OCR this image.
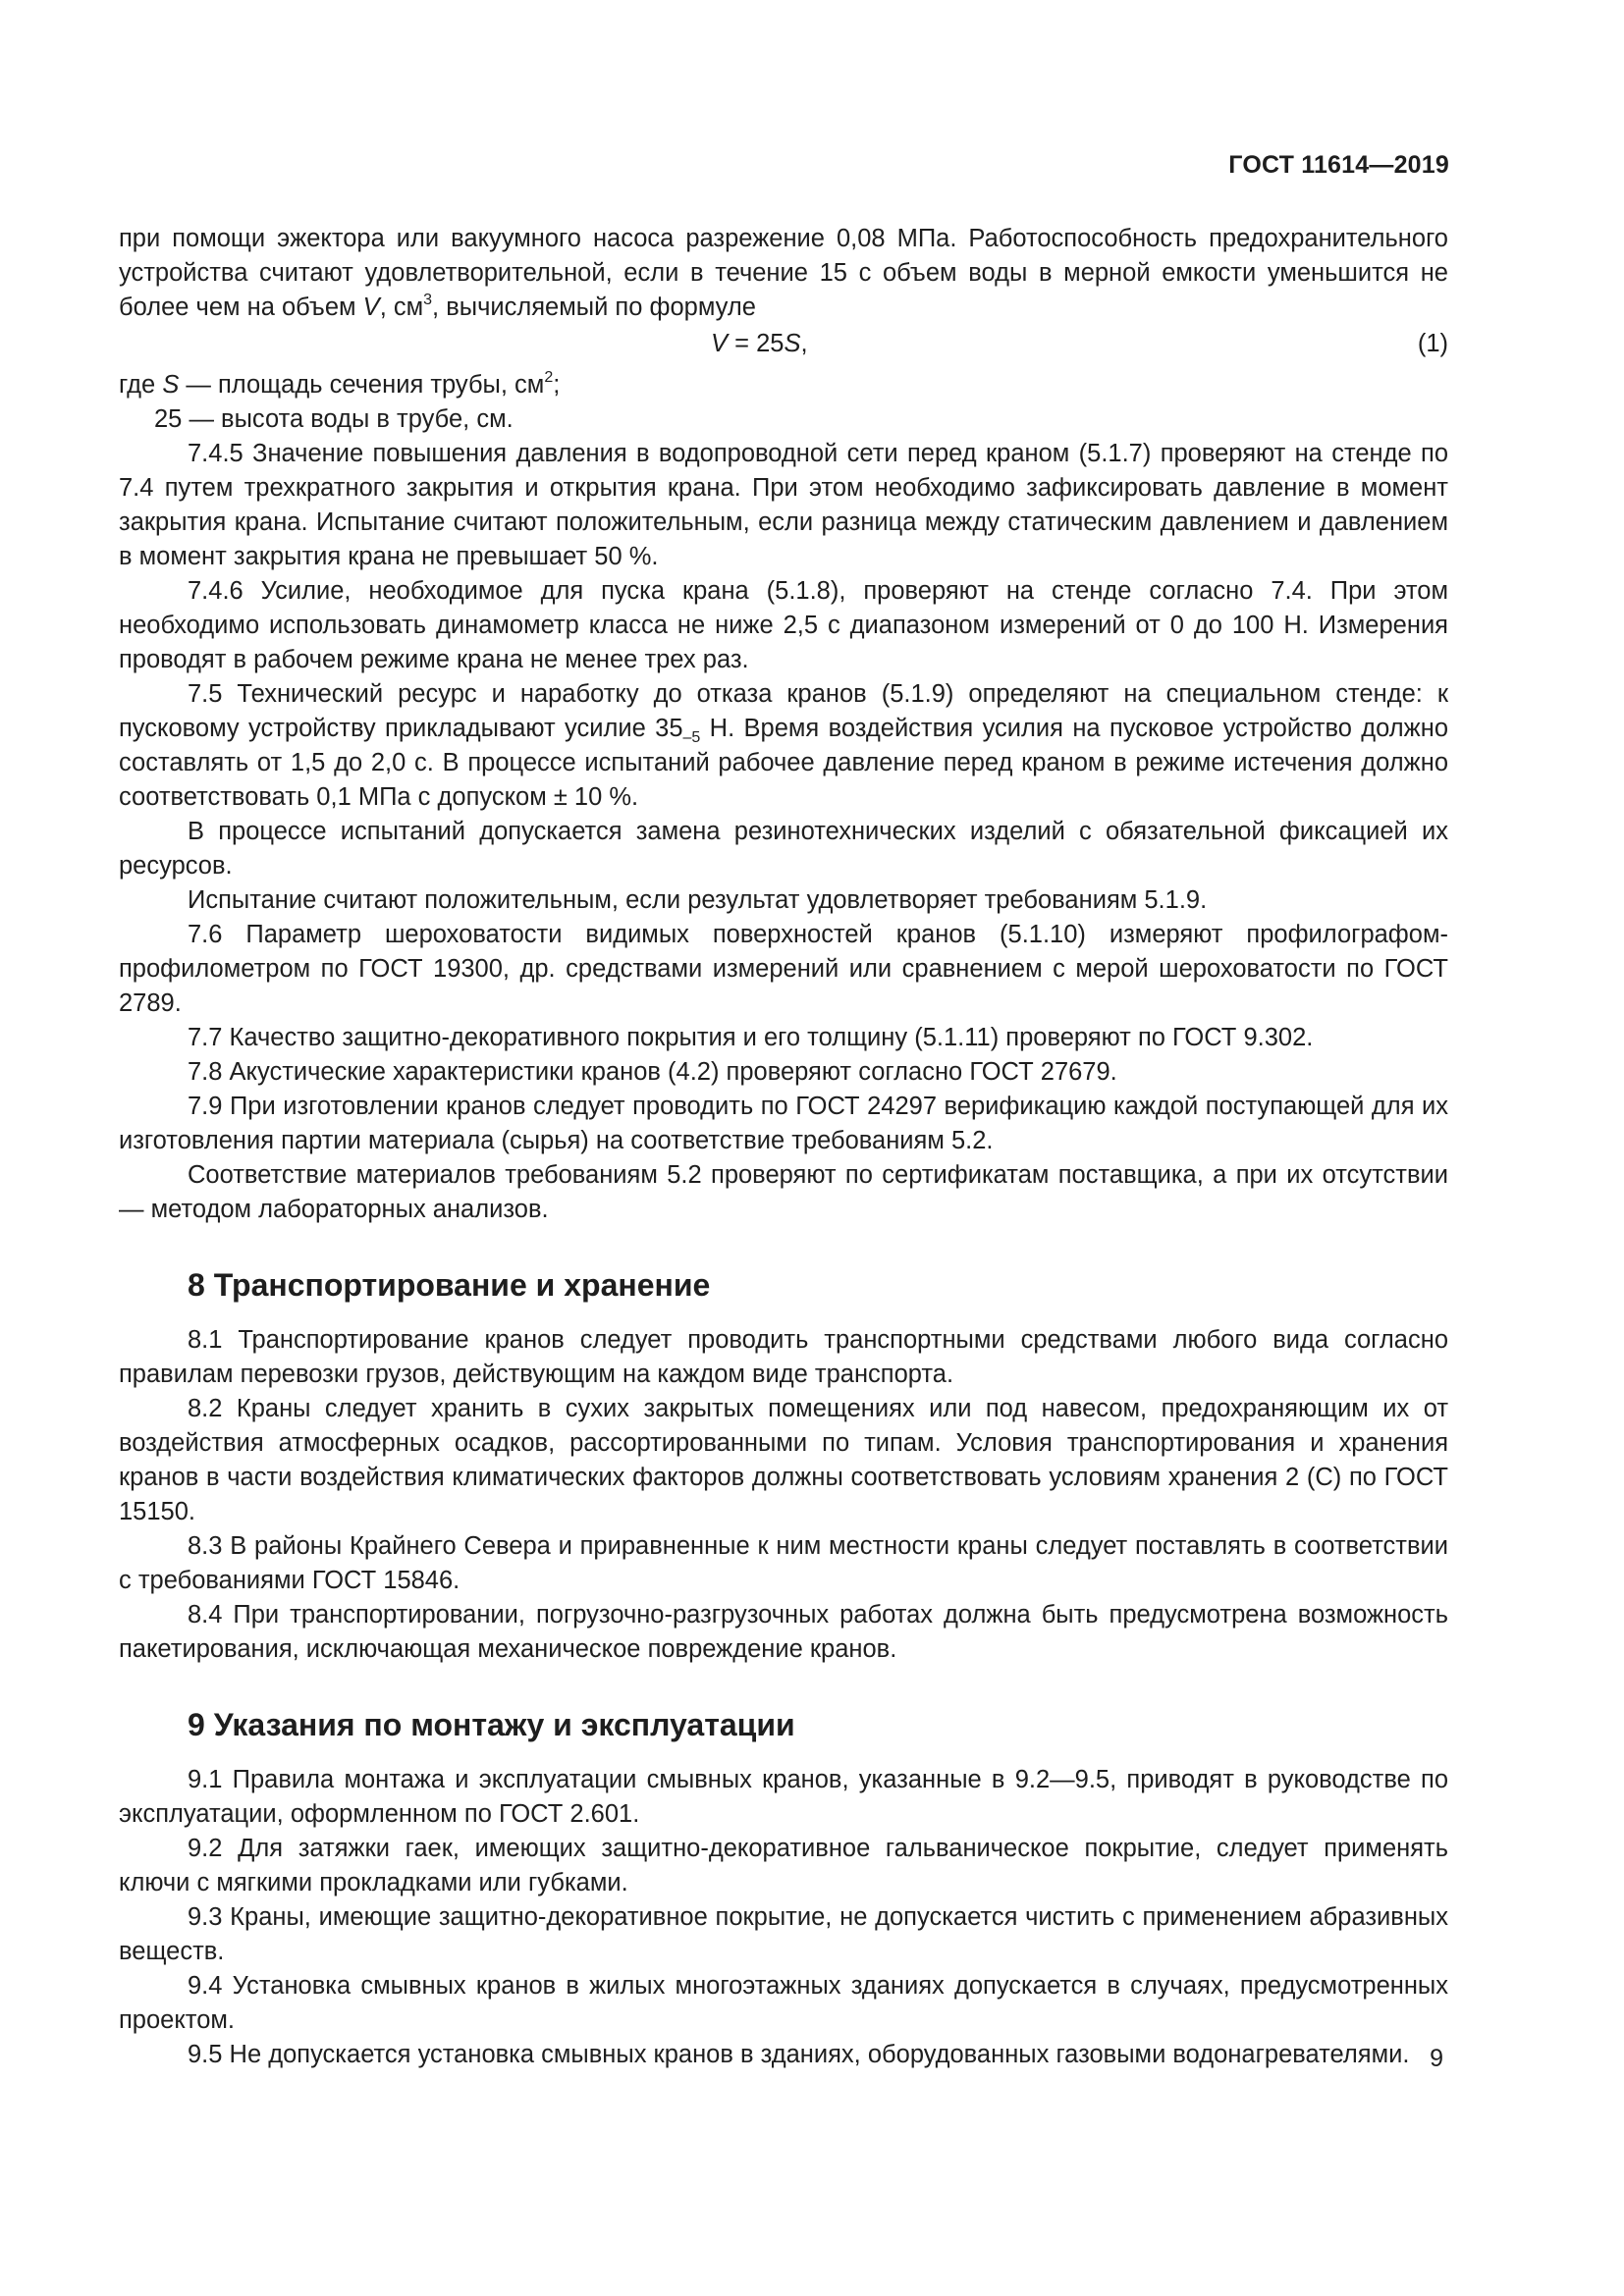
ГОСТ 11614—2019

при помощи эжектора или вакуумного насоса разрежение 0,08 МПа. Работоспособность предохранительного устройства считают удовлетворительной, если в течение 15 с объем воды в мерной емкости уменьшится не более чем на объем V, $см^3$, вычисляемый по формуле

V = 25S,	(1)

где S — площадь сечения трубы, $см^2$;

25 — высота воды в трубе, см.

7.4.5 Значение повышения давления в водопроводной сети перед краном (5.1.7) проверяют на стенде по 7.4 путем трехкратного закрытия и открытия крана. При этом необходимо зафиксировать давление в момент закрытия крана. Испытание считают положительным, если разница между статическим давлением и давлением в момент закрытия крана не превышает 50 %.

7.4.6 Усилие, необходимое для пуска крана (5.1.8), проверяют на стенде согласно 7.4. При этом необходимо использовать динамометр класса не ниже 2,5 с диапазоном измерений от 0 до 100 Н. Измерения проводят в рабочем режиме крана не менее трех раз.

7.5 Технический ресурс и наработку до отказа кранов (5.1.9) определяют на специальном стенде: к пусковому устройству прикладывают усилие $35_{-5}$ Н. Время воздействия усилия на пусковое устройство должно составлять от 1,5 до 2,0 с. В процессе испытаний рабочее давление перед краном в режиме истечения должно соответствовать 0,1 МПа с допуском ± 10 %.

В процессе испытаний допускается замена резинотехнических изделий с обязательной фиксацией их ресурсов.

Испытание считают положительным, если результат удовлетворяет требованиям 5.1.9.

7.6 Параметр шероховатости видимых поверхностей кранов (5.1.10) измеряют профилографом-профилометром по ГОСТ 19300, др. средствами измерений или сравнением с мерой шероховатости по ГОСТ 2789.

7.7 Качество защитно-декоративного покрытия и его толщину (5.1.11) проверяют по ГОСТ 9.302.

7.8 Акустические характеристики кранов (4.2) проверяют согласно ГОСТ 27679.

7.9 При изготовлении кранов следует проводить по ГОСТ 24297 верификацию каждой поступающей для их изготовления партии материала (сырья) на соответствие требованиям 5.2.

Соответствие материалов требованиям 5.2 проверяют по сертификатам поставщика, а при их отсутствии — методом лабораторных анализов.

8 Транспортирование и хранение

8.1 Транспортирование кранов следует проводить транспортными средствами любого вида согласно правилам перевозки грузов, действующим на каждом виде транспорта.

8.2 Краны следует хранить в сухих закрытых помещениях или под навесом, предохраняющим их от воздействия атмосферных осадков, рассортированными по типам. Условия транспортирования и хранения кранов в части воздействия климатических факторов должны соответствовать условиям хранения 2 (С) по ГОСТ 15150.

8.3 В районы Крайнего Севера и приравненные к ним местности краны следует поставлять в соответствии с требованиями ГОСТ 15846.

8.4 При транспортировании, погрузочно-разгрузочных работах должна быть предусмотрена возможность пакетирования, исключающая механическое повреждение кранов.

9 Указания по монтажу и эксплуатации

9.1 Правила монтажа и эксплуатации смывных кранов, указанные в 9.2—9.5, приводят в руководстве по эксплуатации, оформленном по ГОСТ 2.601.

9.2 Для затяжки гаек, имеющих защитно-декоративное гальваническое покрытие, следует применять ключи с мягкими прокладками или губками.

9.3 Краны, имеющие защитно-декоративное покрытие, не допускается чистить с применением абразивных веществ.

9.4 Установка смывных кранов в жилых многоэтажных зданиях допускается в случаях, предусмотренных проектом.

9.5 Не допускается установка смывных кранов в зданиях, оборудованных газовыми водонагревателями. 9
